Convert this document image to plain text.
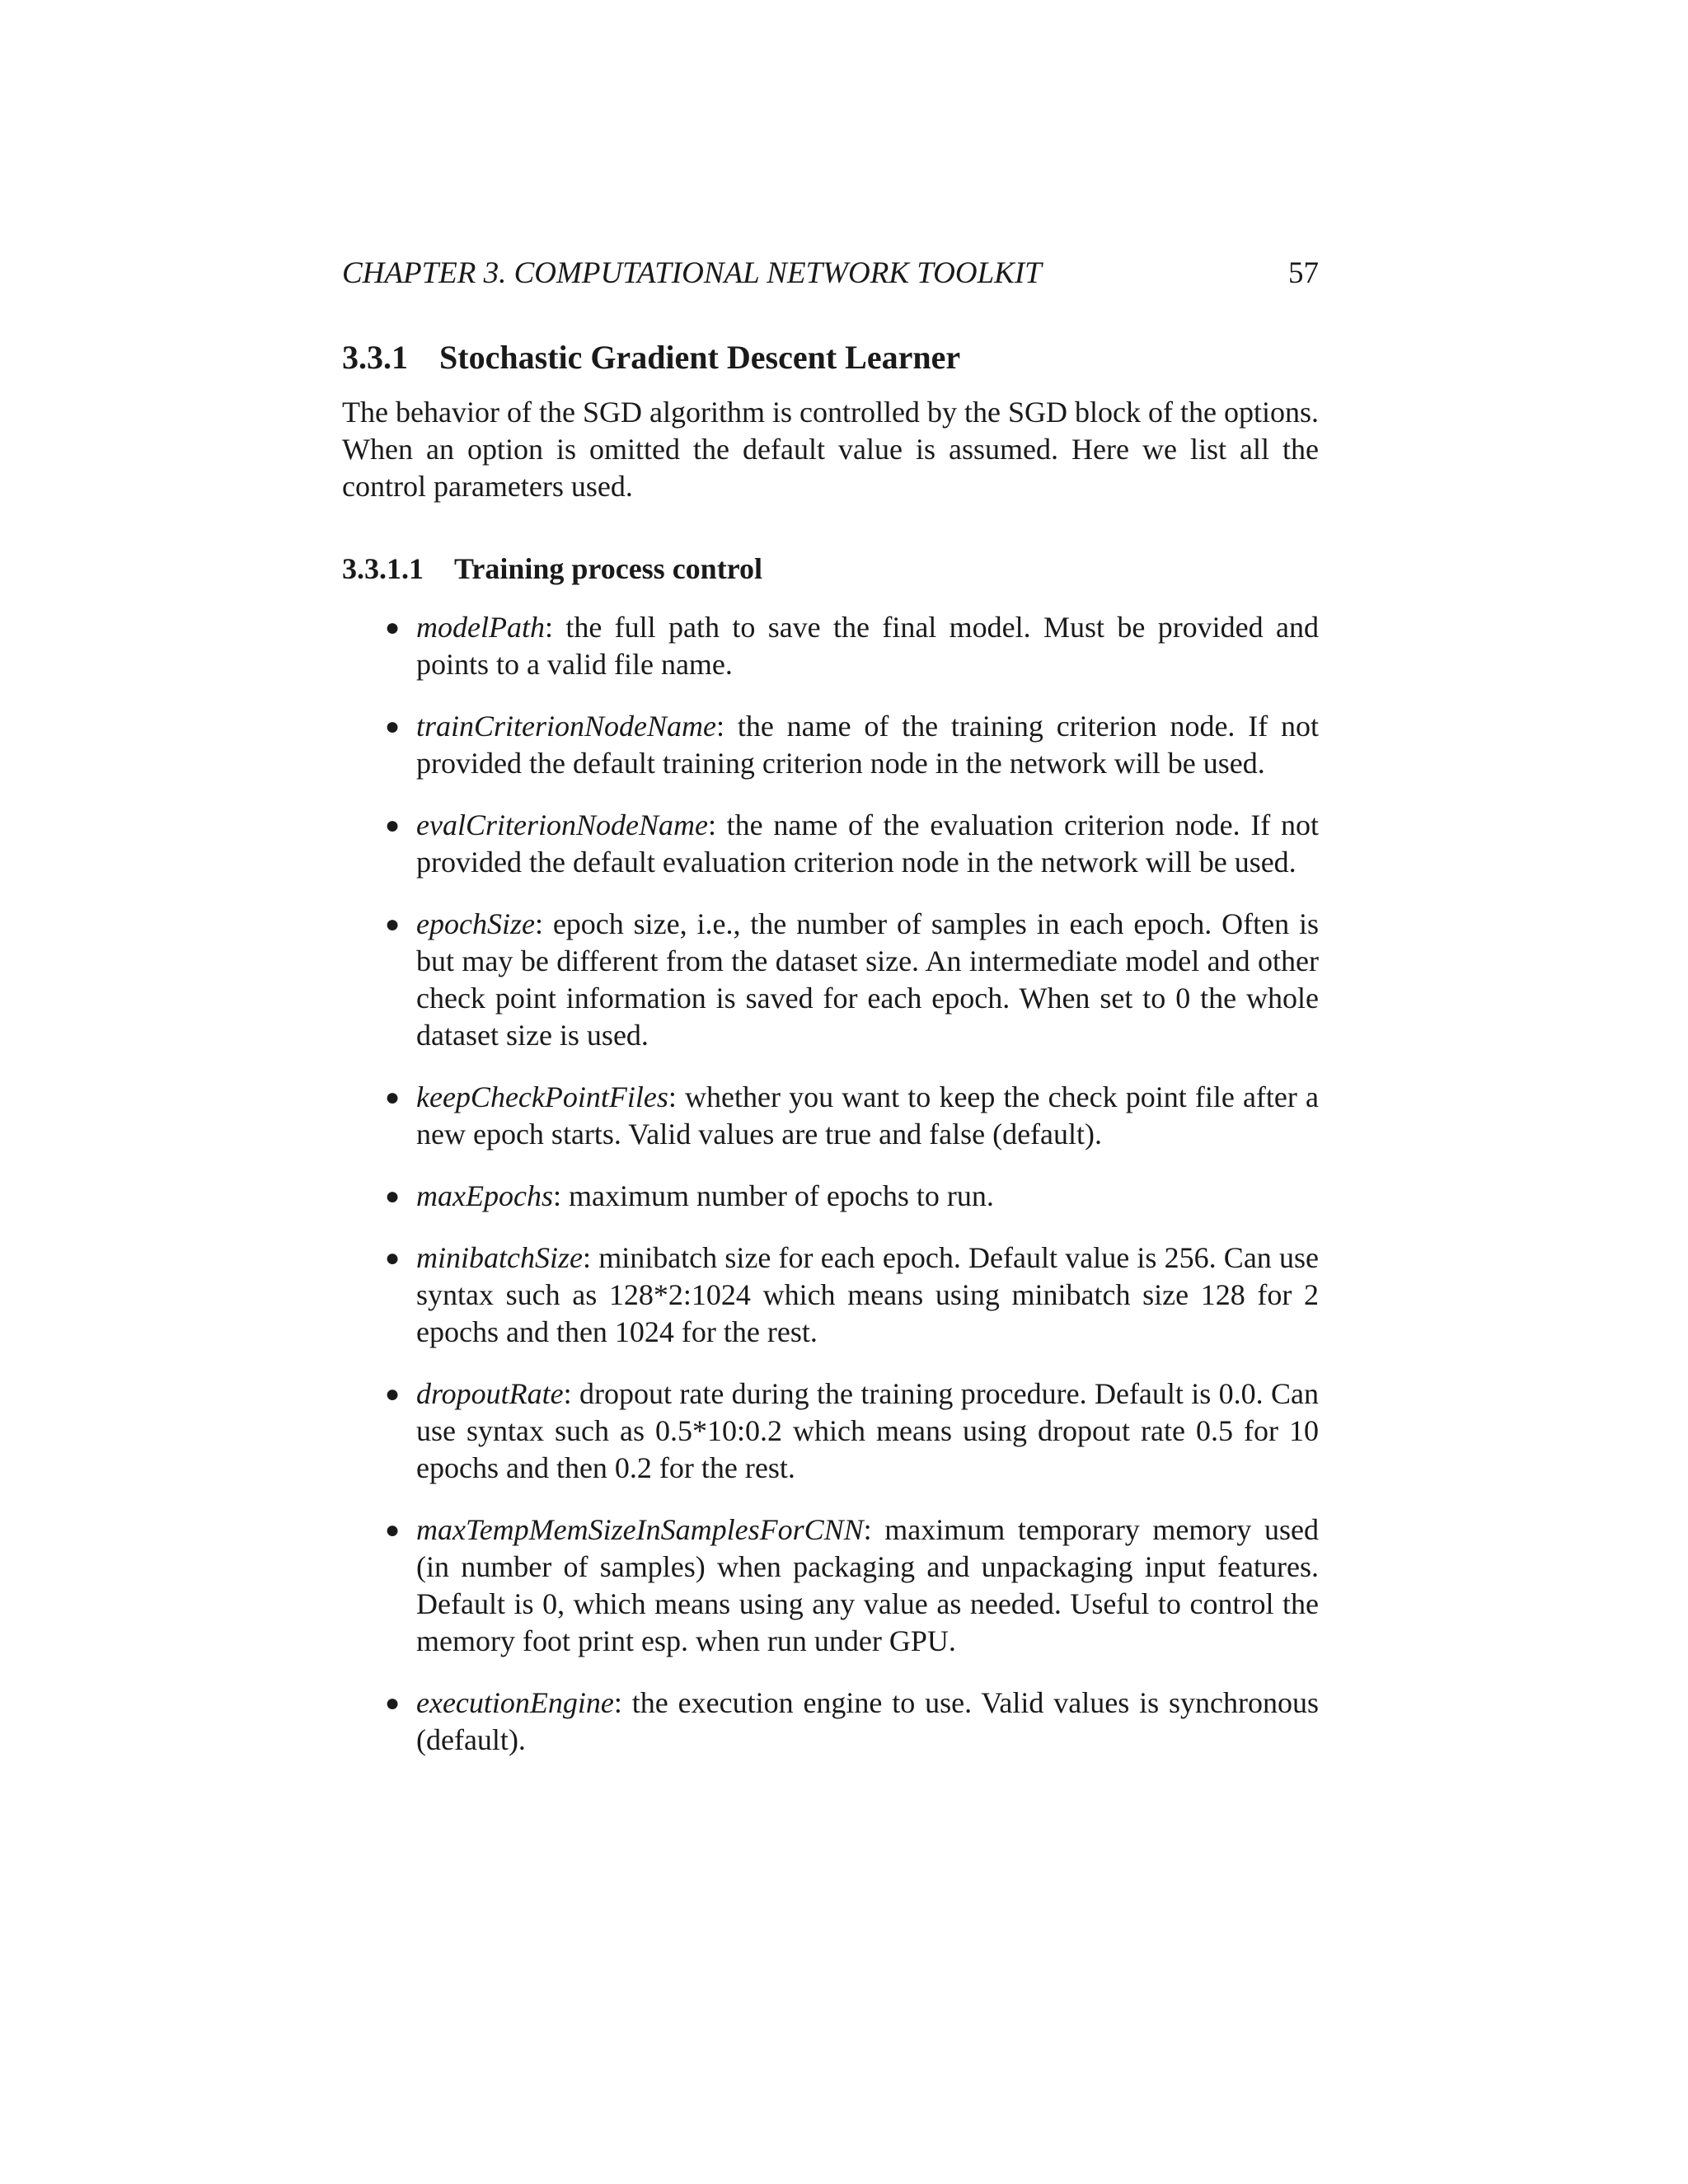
CHAPTER 3. COMPUTATIONAL NETWORK TOOLKIT	57
3.3.1 Stochastic Gradient Descent Learner

The behavior of the SGD algorithm is controlled by the SGD block of the options. When an option is omitted the default value is assumed. Here we list all the control parameters used.

3.3.1.1 Training process control
● modelPath: the full path to save the final model. Must be provided and points to a valid file name.
● trainCriterionNodeName: the name of the training criterion node. If not provided the default training criterion node in the network will be used.
● evalCriterionNodeName: the name of the evaluation criterion node. If not provided the default evaluation criterion node in the network will be used.
● epochSize: epoch size, i.e., the number of samples in each epoch. Often is but may be different from the dataset size. An intermediate model and other check point information is saved for each epoch. When set to 0 the whole dataset size is used.
● keepCheckPointFiles: whether you want to keep the check point file after a new epoch starts. Valid values are true and false (default).
● maxEpochs: maximum number of epochs to run.
● minibatchSize: minibatch size for each epoch. Default value is 256. Can use syntax such as 128*2:1024 which means using minibatch size 128 for 2 epochs and then 1024 for the rest.
● dropoutRate: dropout rate during the training procedure. Default is 0.0. Can use syntax such as 0.5*10:0.2 which means using dropout rate 0.5 for 10 epochs and then 0.2 for the rest.
● maxTempMemSizeInSamplesForCNN: maximum temporary memory used (in number of samples) when packaging and unpackaging input features. Default is 0, which means using any value as needed. Useful to control the memory foot print esp. when run under GPU.
● executionEngine: the execution engine to use. Valid values is synchronous (default).
